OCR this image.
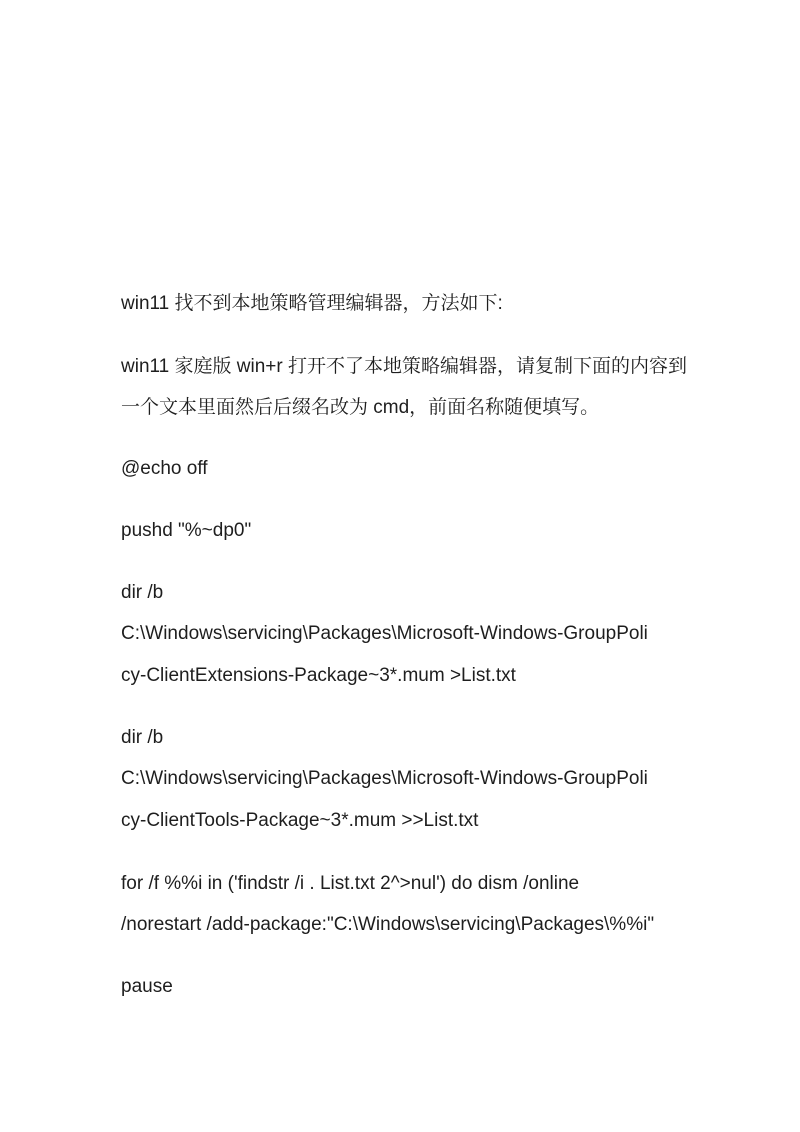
win11 找不到本地策略管理编辑器，方法如下:
win11 家庭版 win+r 打开不了本地策略编辑器，请复制下面的内容到
一个文本里面然后后缀名改为 cmd，前面名称随便填写。
@echo off
pushd "%~dp0"
dir /b
C:\Windows\servicing\Packages\Microsoft-Windows-GroupPoli
cy-ClientExtensions-Package~3*.mum >List.txt
dir /b
C:\Windows\servicing\Packages\Microsoft-Windows-GroupPoli
cy-ClientTools-Package~3*.mum >>List.txt
for /f %%i in ('findstr /i . List.txt 2^>nul') do dism /online
/norestart /add-package:"C:\Windows\servicing\Packages\%%i"
pause
